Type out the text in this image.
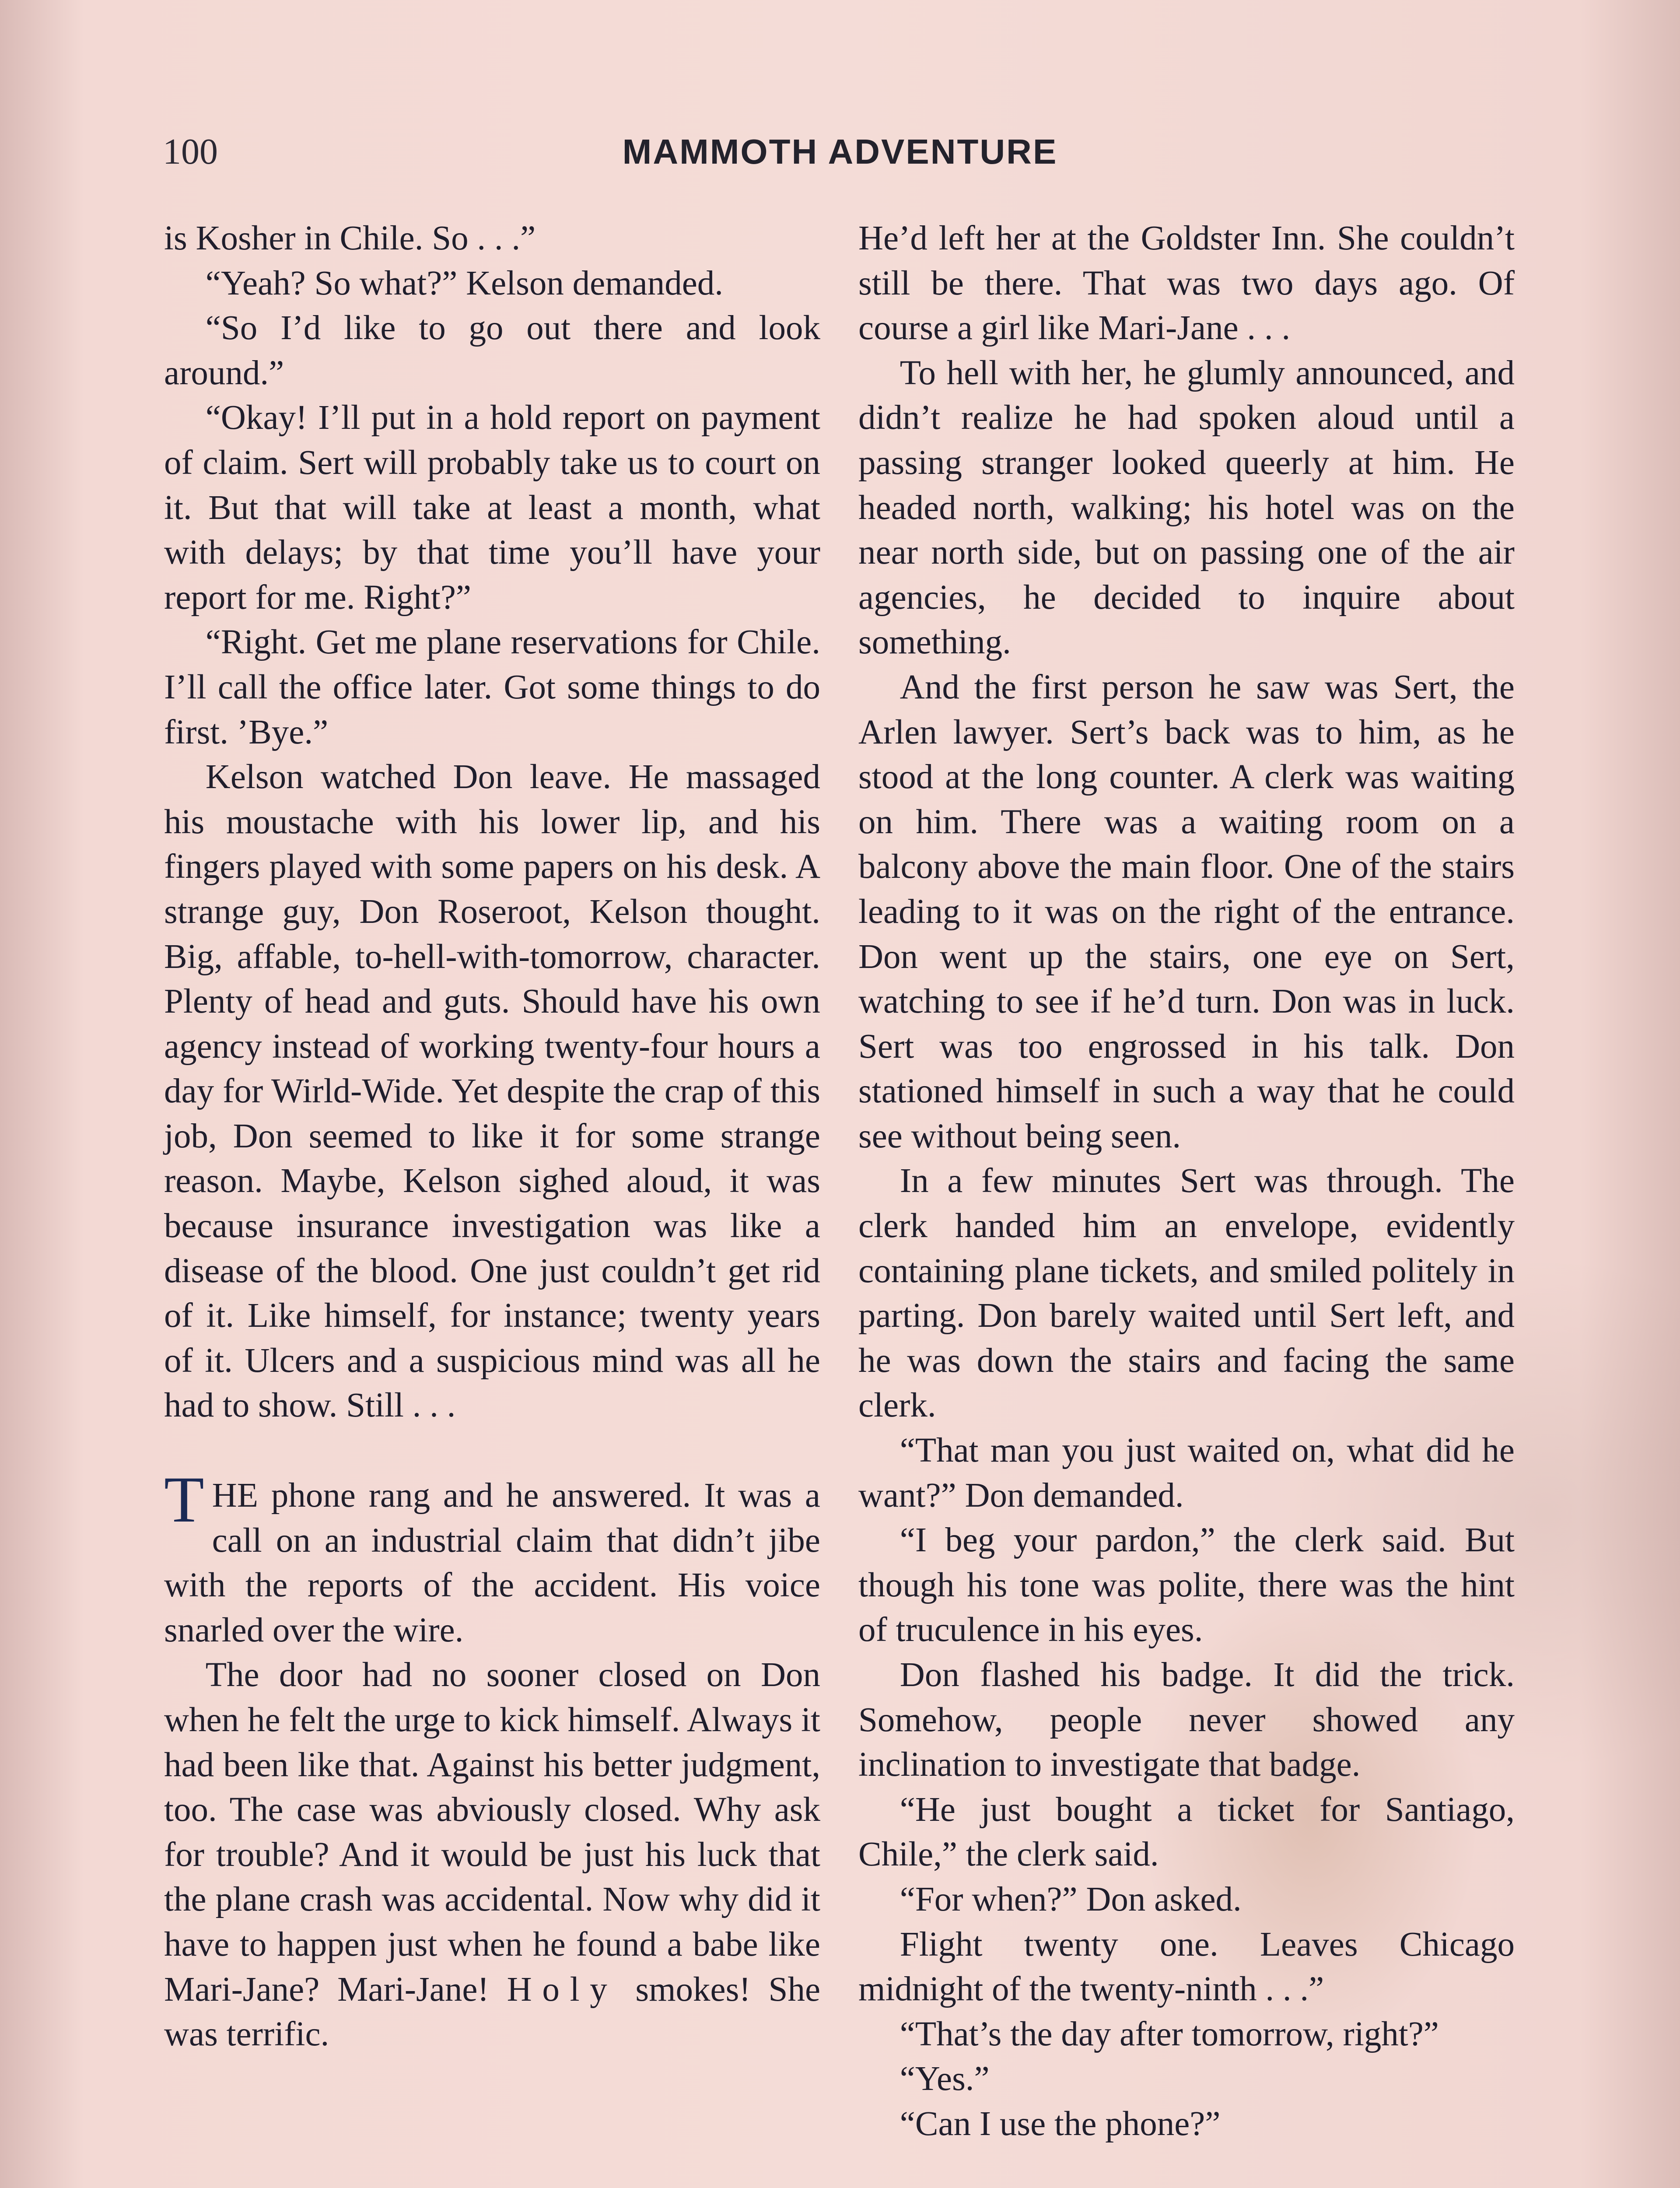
100	MAMMOTH ADVENTURE

is Kosher in Chile. So . . .”

“Yeah? So what?” Kelson demanded.

“So I’d like to go out there and look around.”

“Okay! I’ll put in a hold report on payment of claim. Sert will probably take us to court on it. But that will take at least a month, what with delays; by that time you’ll have your report for me. Right?”

“Right. Get me plane reservations for Chile. I’ll call the office later. Got some things to do first. ’Bye.”

Kelson watched Don leave. He massaged his moustache with his lower lip, and his fingers played with some papers on his desk. A strange guy, Don Roseroot, Kelson thought. Big, affable, to-hell-with-tomorrow, character. Plenty of head and guts. Should have his own agency instead of working twenty-four hours a day for Wirld-Wide. Yet despite the crap of this job, Don seemed to like it for some strange reason. Maybe, Kelson sighed aloud, it was because insurance investigation was like a disease of the blood. One just couldn’t get rid of it. Like himself, for instance; twenty years of it. Ulcers and a suspicious mind was all he had to show. Still . . .

THE phone rang and he answered. It was a call on an industrial claim that didn’t jibe with the reports of the accident. His voice snarled over the wire.

The door had no sooner closed on Don when he felt the urge to kick himself. Always it had been like that. Against his better judgment, too. The case was abviously closed. Why ask for trouble? And it would be just his luck that the plane crash was accidental. Now why did it have to happen just when he found a babe like Mari-Jane? Mari-Jane! Holy smokes! She was terrific.

He’d left her at the Goldster Inn. She couldn’t still be there. That was two days ago. Of course a girl like Mari-Jane . . .

To hell with her, he glumly announced, and didn’t realize he had spoken aloud until a passing stranger looked queerly at him. He headed north, walking; his hotel was on the near north side, but on passing one of the air agencies, he decided to inquire about something.

And the first person he saw was Sert, the Arlen lawyer. Sert’s back was to him, as he stood at the long counter. A clerk was waiting on him. There was a waiting room on a balcony above the main floor. One of the stairs leading to it was on the right of the entrance. Don went up the stairs, one eye on Sert, watching to see if he’d turn. Don was in luck. Sert was too engrossed in his talk. Don stationed himself in such a way that he could see without being seen.

In a few minutes Sert was through. The clerk handed him an envelope, evidently containing plane tickets, and smiled politely in parting. Don barely waited until Sert left, and he was down the stairs and facing the same clerk.

“That man you just waited on, what did he want?” Don demanded.

“I beg your pardon,” the clerk said. But though his tone was polite, there was the hint of truculence in his eyes.

Don flashed his badge. It did the trick. Somehow, people never showed any inclination to investigate that badge.

“He just bought a ticket for Santiago, Chile,” the clerk said.

“For when?” Don asked.

Flight twenty one. Leaves Chicago midnight of the twenty-ninth . . .”

“That’s the day after tomorrow, right?”

“Yes.”

“Can I use the phone?”
